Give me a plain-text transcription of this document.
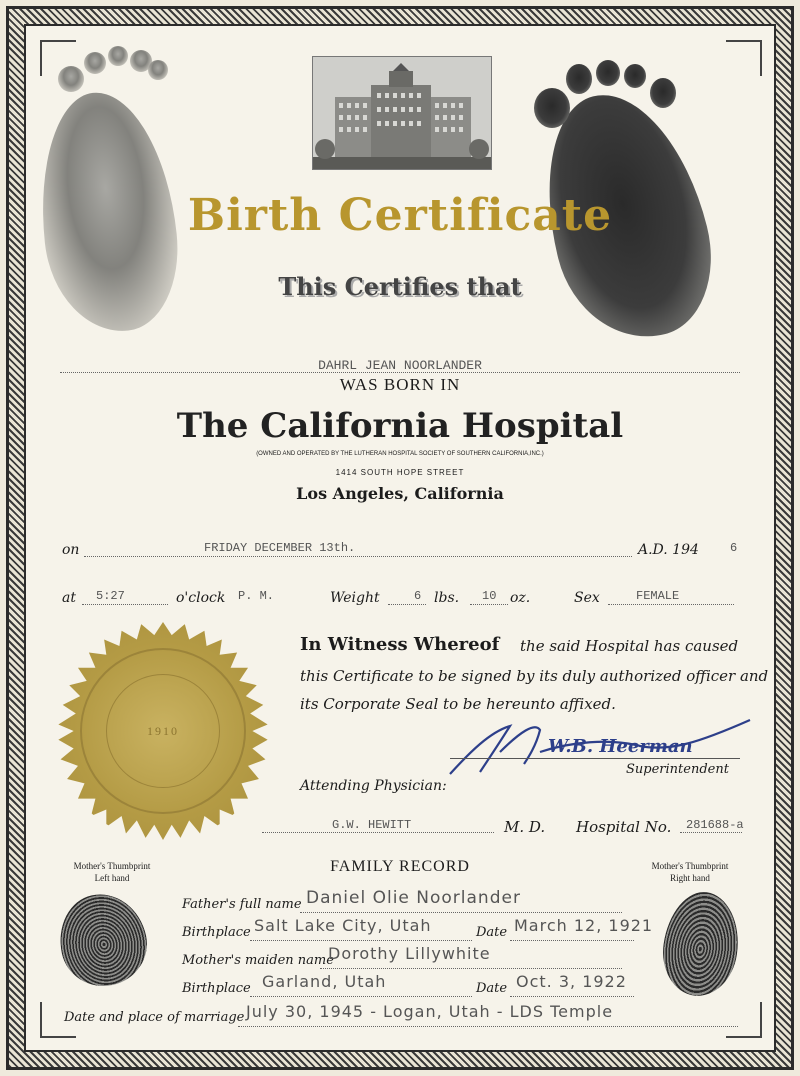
Birth Certificate
This Certifies that
DAHRL JEAN NOORLANDER
WAS BORN IN
The California Hospital
(OWNED AND OPERATED BY THE LUTHERAN HOSPITAL SOCIETY OF SOUTHERN CALIFORNIA,INC.)
1414 SOUTH HOPE STREET
Los Angeles, California
on	FRIDAY DECEMBER 13th.	A.D. 194	6
at 5:27	o'clock P. M.	Weight	6 lbs. 10 oz.	Sex	FEMALE
1910
In Witness Whereof the said Hospital has caused
this Certificate to be signed by its duly authorized officer and
its Corporate Seal to be hereunto affixed.
W.B. Heerman
Superintendent
Attending Physician:
G.W. HEWITT	M. D. Hospital No. 281688-a
FAMILY RECORD
Mother's Thumbprint
Left hand
Mother's Thumbprint
Right hand
Father's full name Daniel Olie Noorlander
Birthplace Salt Lake City, Utah	Date March 12, 1921
Mother's maiden name
Dorothy Lillywhite
Birthplace Garland, Utah	Date Oct. 3, 1922
Date and place of marriage July 30, 1945 - Logan, Utah - LDS Temple
